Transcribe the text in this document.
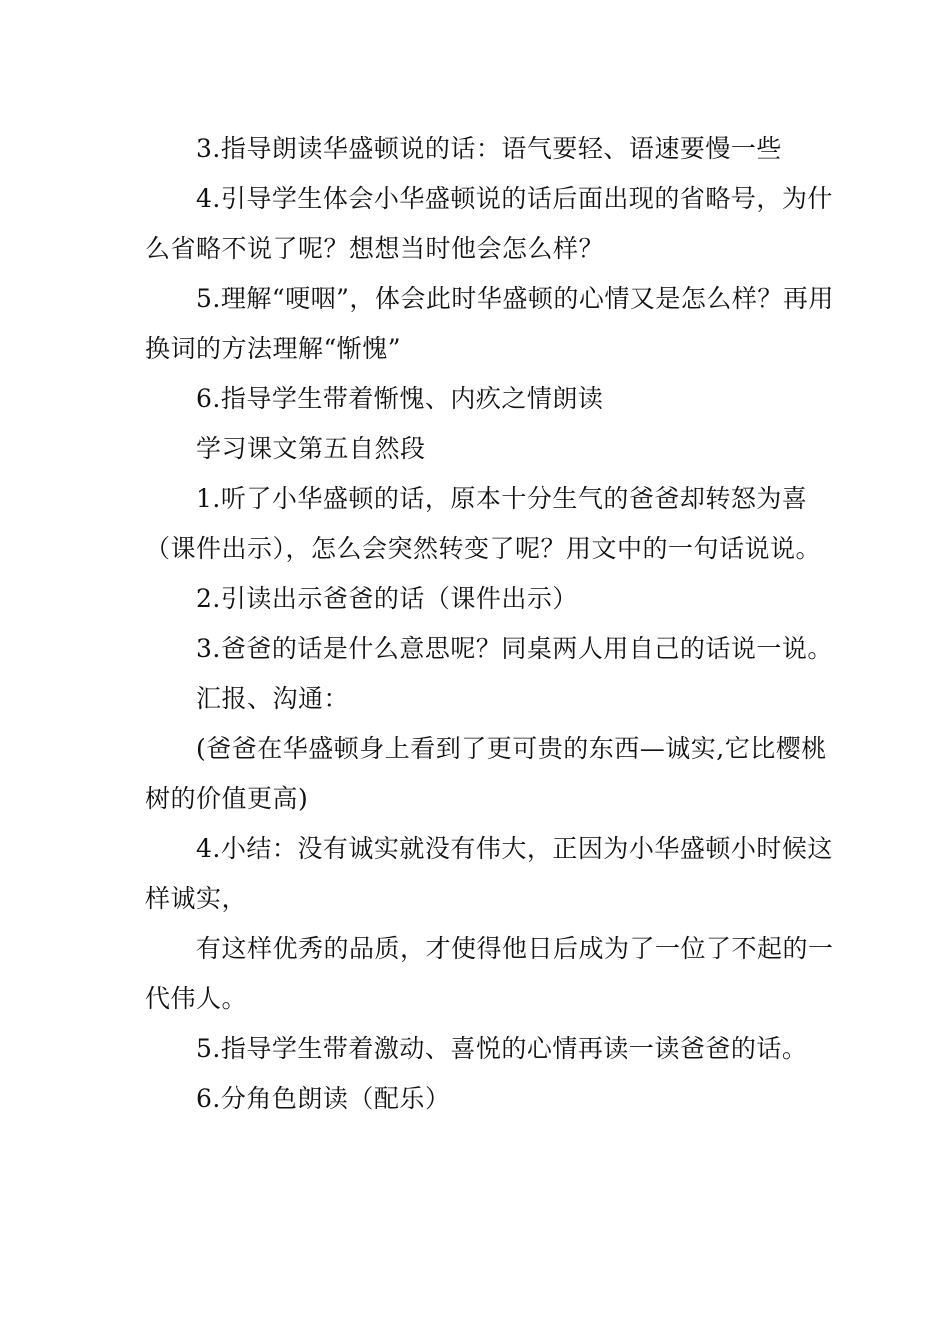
3.指导朗读华盛顿说的话：语气要轻、语速要慢一些

4.引导学生体会小华盛顿说的话后面出现的省略号，为什么省略不说了呢？想想当时他会怎么样？

5.理解“哽咽”，体会此时华盛顿的心情又是怎么样？再用换词的方法理解“惭愧”

6.指导学生带着惭愧、内疚之情朗读

学习课文第五自然段

1.听了小华盛顿的话，原本十分生气的爸爸却转怒为喜（课件出示），怎么会突然转变了呢？用文中的一句话说说。

2.引读出示爸爸的话（课件出示）

3.爸爸的话是什么意思呢？同桌两人用自己的话说一说。

汇报、沟通：

(爸爸在华盛顿身上看到了更可贵的东西—诚实,它比樱桃树的价值更高)

4.小结：没有诚实就没有伟大，正因为小华盛顿小时候这样诚实，

有这样优秀的品质，才使得他日后成为了一位了不起的一代伟人。

5.指导学生带着激动、喜悦的心情再读一读爸爸的话。

6.分角色朗读（配乐）
